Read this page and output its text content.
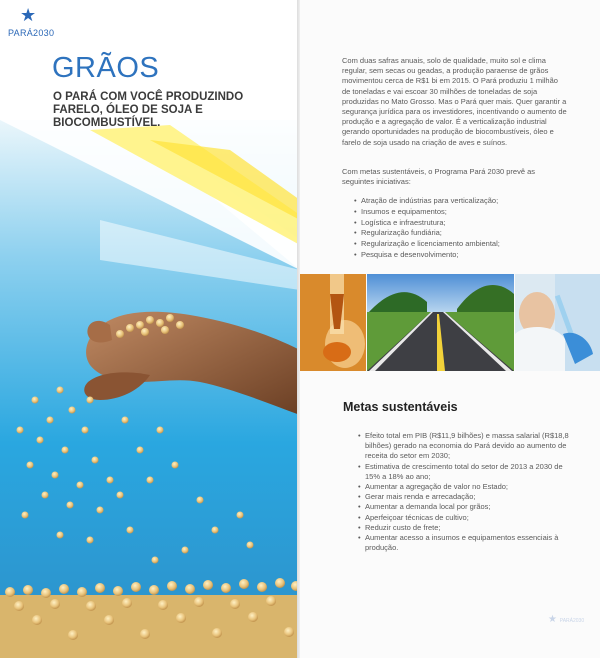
★
PARÁ2030
GRÃOS
O PARÁ COM VOCÊ PRODUZINDO FARELO, ÓLEO DE SOJA E BIOCOMBUSTÍVEL.
Com duas safras anuais, solo de qualidade, muito sol e clima regular, sem secas ou geadas, a produção paraense de grãos movimentou cerca de R$1 bi em 2015. O Pará produziu 1 milhão de toneladas e vai escoar 30 milhões de toneladas de soja produzidas no Mato Grosso. Mas o Pará quer mais. Quer garantir a segurança jurídica para os investidores, incentivando o aumento de produção e a agregação de valor. É a verticalização industrial gerando oportunidades na produção de biocombustíveis, óleo e farelo de soja usado na criação de aves e suínos.
Com metas sustentáveis, o Programa Pará 2030 prevê as seguintes iniciativas:
• Atração de indústrias para verticalização;
• Insumos e equipamentos;
• Logística e infraestrutura;
• Regularização fundiária;
• Regularização e licenciamento ambiental;
• Pesquisa e desenvolvimento;
Metas sustentáveis
• Efeito total em PIB (R$11,9 bilhões) e massa salarial (R$18,8 bilhões) gerado na economia do Pará devido ao aumento de receita do setor em 2030;
• Estimativa de crescimento total do setor de 2013 a 2030 de 15% a 18% ao ano;
• Aumentar a agregação de valor no Estado;
• Gerar mais renda e arrecadação;
• Aumentar a demanda local por grãos;
• Aperfeiçoar técnicas de cultivo;
• Reduzir custo de frete;
• Aumentar acesso a insumos e equipamentos essenciais à produção.
★ PARÁ2030
